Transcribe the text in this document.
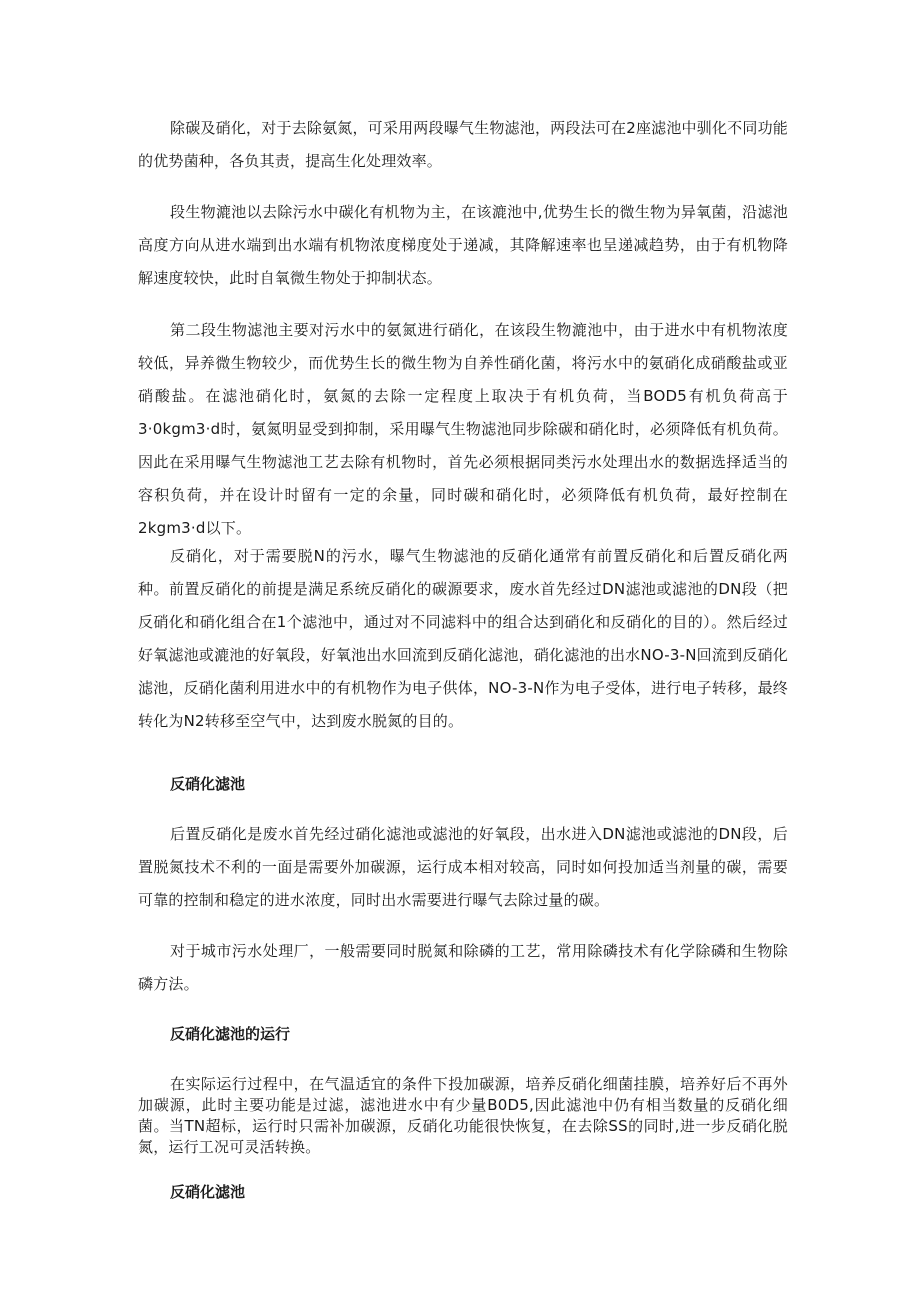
除碳及硝化，对于去除氨氮，可采用两段曝气生物滤池，两段法可在2座滤池中驯化不同功能的优势菌种，各负其责，提高生化处理效率。

段生物漉池以去除污水中碳化有机物为主，在该漉池中,优势生长的微生物为异氧菌，沿滤池高度方向从进水端到出水端有机物浓度梯度处于递减，其降解速率也呈递减趋势，由于有机物降解速度较快，此时自氧微生物处于抑制状态。

第二段生物滤池主要对污水中的氨氮进行硝化，在该段生物漉池中，由于进水中有机物浓度较低，异养微生物较少，而优势生长的微生物为自养性硝化菌，将污水中的氨硝化成硝酸盐或亚硝酸盐。在滤池硝化时，氨氮的去除一定程度上取决于有机负荷，当BOD5有机负荷高于3·0kgm3·d时，氨氮明显受到抑制，采用曝气生物滤池同步除碳和硝化时，必须降低有机负荷。因此在采用曝气生物滤池工艺去除有机物时，首先必须根据同类污水处理出水的数据选择适当的容积负荷，并在设计时留有一定的余量，同时碳和硝化时，必须降低有机负荷，最好控制在2kgm3·d以下。

反硝化，对于需要脱N的污水，曝气生物滤池的反硝化通常有前置反硝化和后置反硝化两种。前置反硝化的前提是满足系统反硝化的碳源要求，废水首先经过DN滤池或滤池的DN段（把反硝化和硝化组合在1个滤池中，通过对不同滤料中的组合达到硝化和反硝化的目的）。然后经过好氧滤池或漉池的好氧段，好氧池出水回流到反硝化滤池，硝化滤池的出水NO-3-N回流到反硝化滤池，反硝化菌利用进水中的有机物作为电子供体，NO-3-N作为电子受体，进行电子转移，最终转化为N2转移至空气中，达到废水脱氮的目的。

反硝化滤池

后置反硝化是废水首先经过硝化滤池或滤池的好氧段，出水进入DN滤池或滤池的DN段，后置脱氮技术不利的一面是需要外加碳源，运行成本相对较高，同时如何投加适当剂量的碳，需要可靠的控制和稳定的进水浓度，同时出水需要进行曝气去除过量的碳。

对于城市污水处理厂，一般需要同时脱氮和除磷的工艺，常用除磷技术有化学除磷和生物除磷方法。

反硝化滤池的运行

在实际运行过程中，在气温适宜的条件下投加碳源，培养反硝化细菌挂膜，培养好后不再外加碳源，此时主要功能是过滤，滤池进水中有少量B0D5,因此滤池中仍有相当数量的反硝化细菌。当TN超标，运行时只需补加碳源，反硝化功能很快恢复，在去除SS的同时,进一步反硝化脱氮，运行工况可灵活转换。

反硝化滤池
